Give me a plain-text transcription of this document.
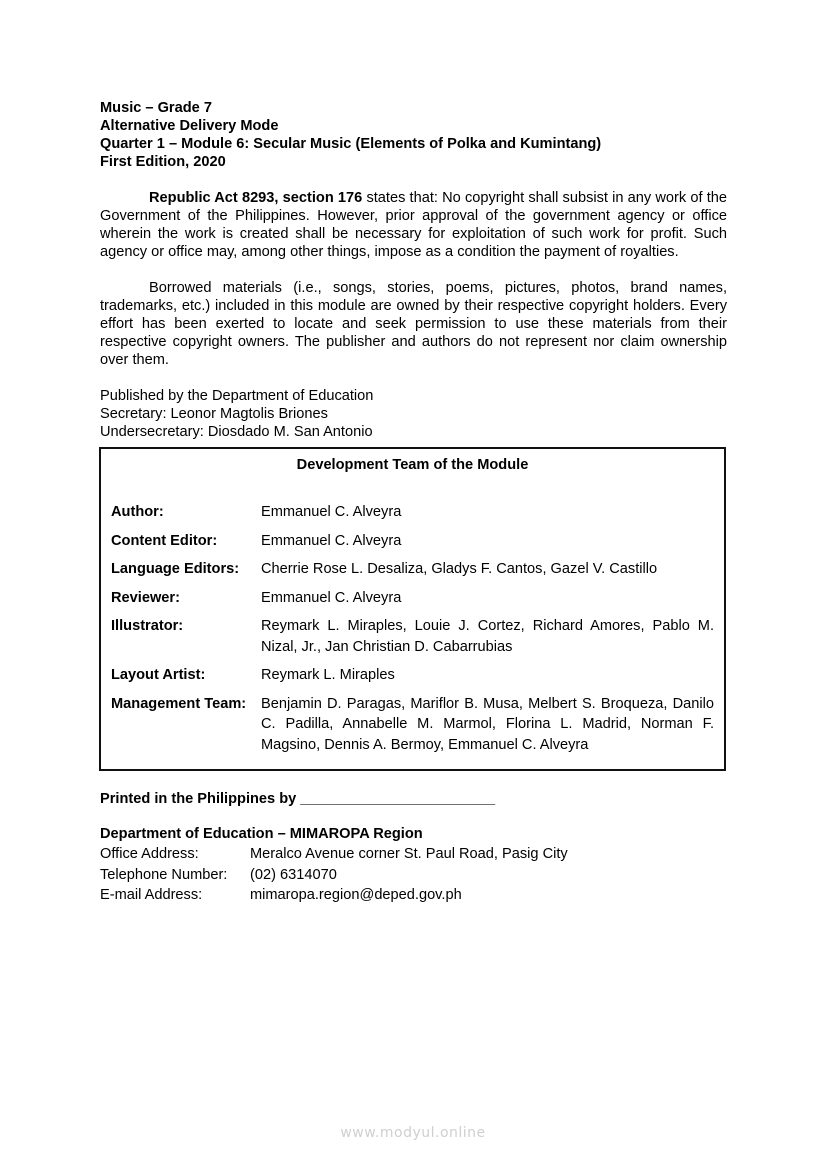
Music – Grade 7

Alternative Delivery Mode

Quarter 1 – Module 6: Secular Music (Elements of Polka and Kumintang)

First Edition, 2020

Republic Act 8293, section 176 states that: No copyright shall subsist in any work of the Government of the Philippines. However, prior approval of the government agency or office wherein the work is created shall be necessary for exploitation of such work for profit. Such agency or office may, among other things, impose as a condition the payment of royalties.

Borrowed materials (i.e., songs, stories, poems, pictures, photos, brand names, trademarks, etc.) included in this module are owned by their respective copyright holders. Every effort has been exerted to locate and seek permission to use these materials from their respective copyright owners. The publisher and authors do not represent nor claim ownership over them.

Published by the Department of Education

Secretary: Leonor Magtolis Briones

Undersecretary: Diosdado M. San Antonio

Development Team of the Module
Author:	Emmanuel C. Alveyra
Content Editor:	Emmanuel C. Alveyra
Language Editors:	Cherrie Rose L. Desaliza, Gladys F. Cantos, Gazel V. Castillo
Reviewer:	Emmanuel C. Alveyra
Illustrator:	Reymark L. Miraples, Louie J. Cortez, Richard Amores, Pablo M. Nizal, Jr., Jan Christian D. Cabarrubias
Layout Artist:	Reymark L. Miraples
Management Team:	Benjamin D. Paragas, Mariflor B. Musa, Melbert S. Broqueza, Danilo C. Padilla, Annabelle M. Marmol, Florina L. Madrid, Norman F. Magsino, Dennis A. Bermoy, Emmanuel C. Alveyra

Printed in the Philippines by ________________________

Department of Education – MIMAROPA Region

Office Address:	Meralco Avenue corner St. Paul Road, Pasig City
Telephone Number:	(02) 6314070
E-mail Address:	mimaropa.region@deped.gov.ph
www.modyul.online
